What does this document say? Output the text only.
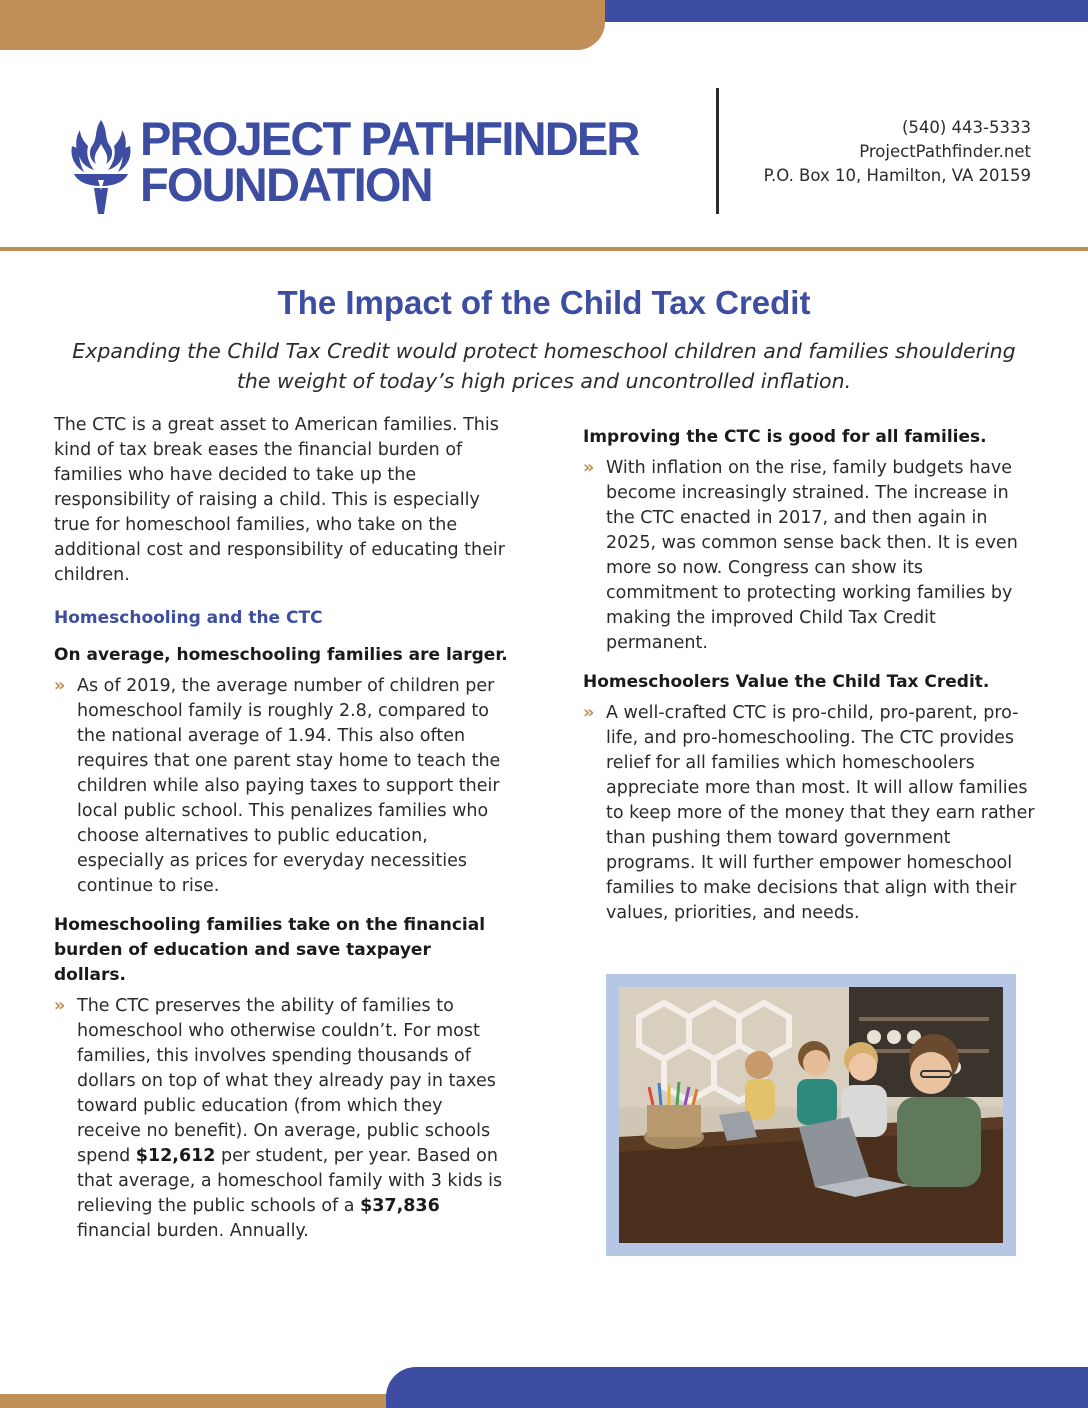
PROJECT PATHFINDER
FOUNDATION
(540) 443-5333
ProjectPathfinder.net
P.O. Box 10, Hamilton, VA 20159
The Impact of the Child Tax Credit
Expanding the Child Tax Credit would protect homeschool children and families shouldering the weight of today’s high prices and uncontrolled inflation.

The CTC is a great asset to American families. This kind of tax break eases the financial burden of families who have decided to take up the responsibility of raising a child. This is especially true for homeschool families, who take on the additional cost and responsibility of educating their children.

Homeschooling and the CTC
On average, homeschooling families are larger.
» As of 2019, the average number of children per homeschool family is roughly 2.8, compared to the national average of 1.94. This also often requires that one parent stay home to teach the children while also paying taxes to support their local public school. This penalizes families who choose alternatives to public education, especially as prices for everyday necessities continue to rise.
Homeschooling families take on the financial burden of education and save taxpayer dollars.
» The CTC preserves the ability of families to homeschool who otherwise couldn’t. For most families, this involves spending thousands of dollars on top of what they already pay in taxes toward public education (from which they receive no benefit). On average, public schools spend $12,612 per student, per year. Based on that average, a homeschool family with 3 kids is relieving the public schools of a $37,836 financial burden. Annually.
Improving the CTC is good for all families.
» With inflation on the rise, family budgets have become increasingly strained. The increase in the CTC enacted in 2017, and then again in 2025, was common sense back then. It is even more so now. Congress can show its commitment to protecting working families by making the improved Child Tax Credit permanent.
Homeschoolers Value the Child Tax Credit.
» A well-crafted CTC is pro-child, pro-parent, pro-life, and pro-homeschooling. The CTC provides relief for all families which homeschoolers appreciate more than most. It will allow families to keep more of the money that they earn rather than pushing them toward government programs. It will further empower homeschool families to make decisions that align with their values, priorities, and needs.
